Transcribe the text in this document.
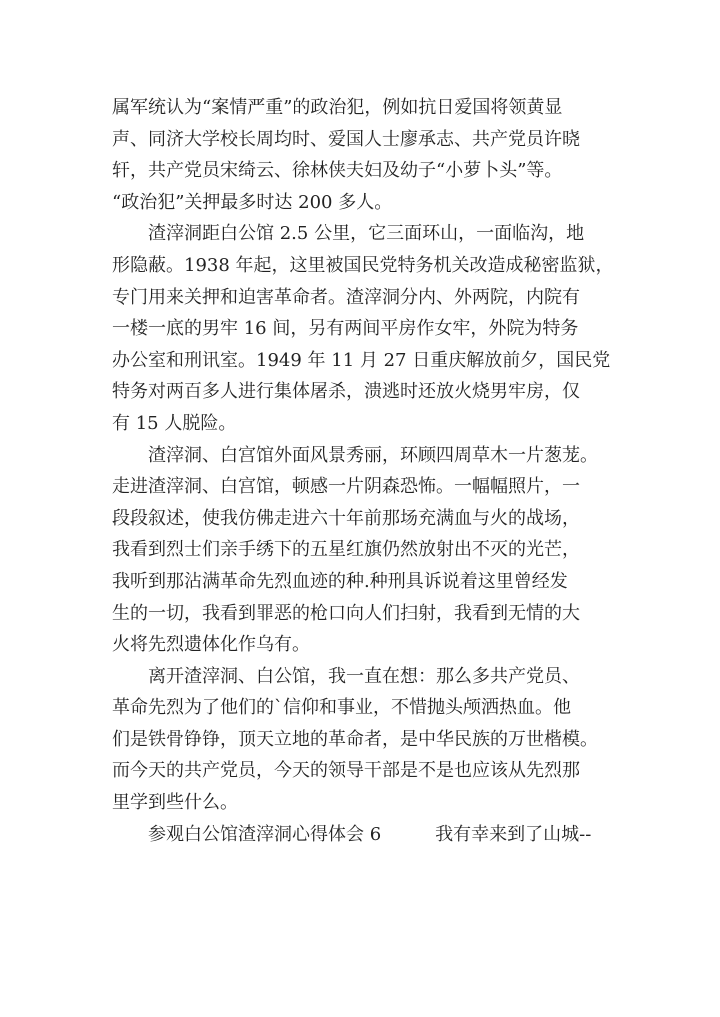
属军统认为“案情严重”的政治犯，例如抗日爱国将领黄显
声、同济大学校长周均时、爱国人士廖承志、共产党员许晓
轩，共产党员宋绮云、徐林侠夫妇及幼子“小萝卜头”等。
“政治犯”关押最多时达 200 多人。
　　渣滓洞距白公馆 2.5 公里，它三面环山，一面临沟，地
形隐蔽。1938 年起，这里被国民党特务机关改造成秘密监狱，
专门用来关押和迫害革命者。渣滓洞分内、外两院，内院有
一楼一底的男牢 16 间，另有两间平房作女牢，外院为特务
办公室和刑讯室。1949 年 11 月 27 日重庆解放前夕，国民党
特务对两百多人进行集体屠杀，溃逃时还放火烧男牢房，仅
有 15 人脱险。
　　渣滓洞、白宫馆外面风景秀丽，环顾四周草木一片葱茏。
走进渣滓洞、白宫馆，顿感一片阴森恐怖。一幅幅照片，一
段段叙述，使我仿佛走进六十年前那场充满血与火的战场，
我看到烈士们亲手绣下的五星红旗仍然放射出不灭的光芒，
我听到那沾满革命先烈血迹的种.种刑具诉说着这里曾经发
生的一切，我看到罪恶的枪口向人们扫射，我看到无情的大
火将先烈遗体化作乌有。
　　离开渣滓洞、白公馆，我一直在想：那么多共产党员、
革命先烈为了他们的`信仰和事业，不惜抛头颅洒热血。他
们是铁骨铮铮，顶天立地的革命者，是中华民族的万世楷模。
而今天的共产党员，今天的领导干部是不是也应该从先烈那
里学到些什么。
　　参观白公馆渣滓洞心得体会 6　　　我有幸来到了山城--
